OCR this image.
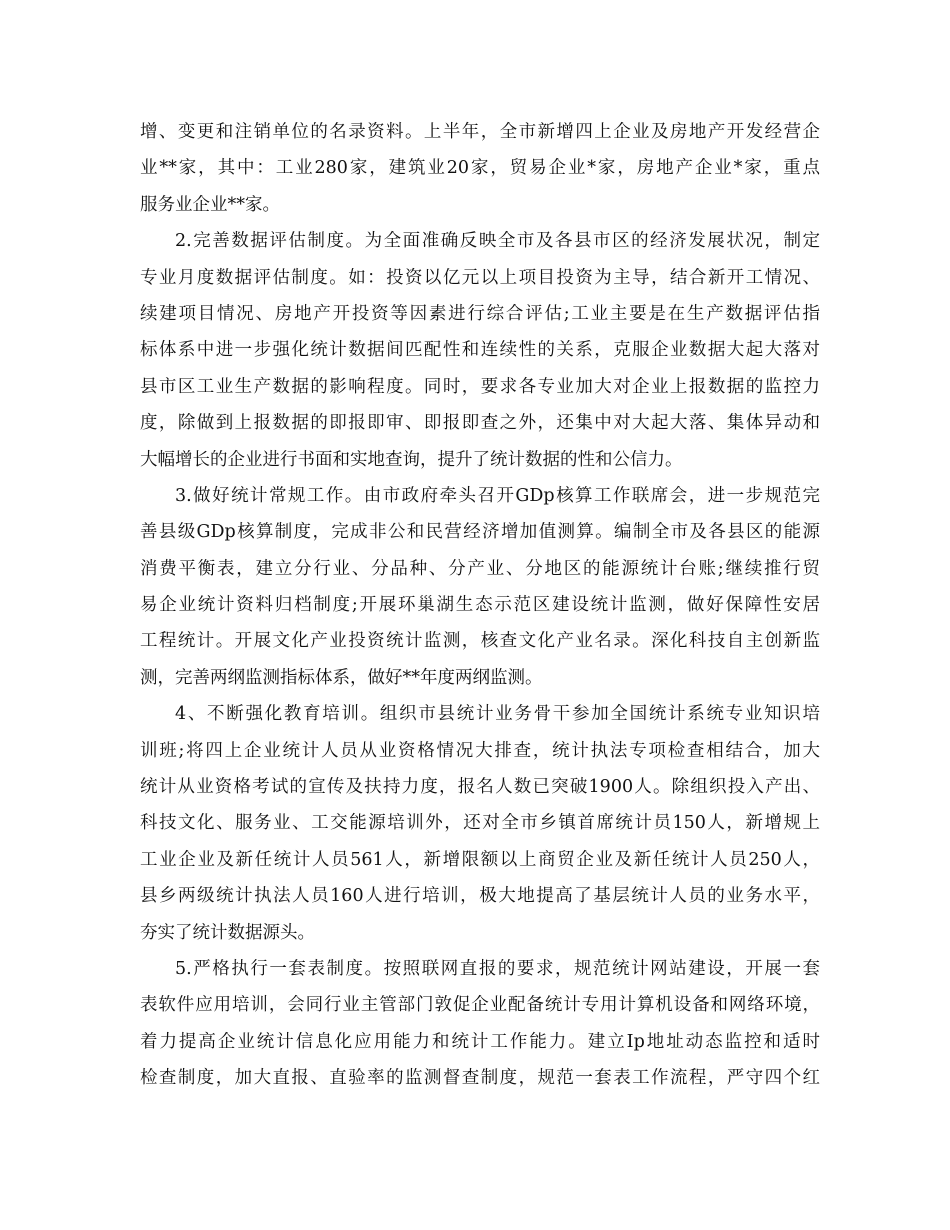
增、变更和注销单位的名录资料。上半年，全市新增四上企业及房地产开发经营企
业**家，其中：工业280家，建筑业20家，贸易企业*家，房地产企业*家，重点
服务业企业**家。
2.完善数据评估制度。为全面准确反映全市及各县市区的经济发展状况，制定
专业月度数据评估制度。如：投资以亿元以上项目投资为主导，结合新开工情况、
续建项目情况、房地产开投资等因素进行综合评估;工业主要是在生产数据评估指
标体系中进一步强化统计数据间匹配性和连续性的关系，克服企业数据大起大落对
县市区工业生产数据的影响程度。同时，要求各专业加大对企业上报数据的监控力
度，除做到上报数据的即报即审、即报即查之外，还集中对大起大落、集体异动和
大幅增长的企业进行书面和实地查询，提升了统计数据的性和公信力。
3.做好统计常规工作。由市政府牵头召开GDp核算工作联席会，进一步规范完
善县级GDp核算制度，完成非公和民营经济增加值测算。编制全市及各县区的能源
消费平衡表，建立分行业、分品种、分产业、分地区的能源统计台账;继续推行贸
易企业统计资料归档制度;开展环巢湖生态示范区建设统计监测，做好保障性安居
工程统计。开展文化产业投资统计监测，核查文化产业名录。深化科技自主创新监
测，完善两纲监测指标体系，做好**年度两纲监测。
4、不断强化教育培训。组织市县统计业务骨干参加全国统计系统专业知识培
训班;将四上企业统计人员从业资格情况大排查，统计执法专项检查相结合，加大
统计从业资格考试的宣传及扶持力度，报名人数已突破1900人。除组织投入产出、
科技文化、服务业、工交能源培训外，还对全市乡镇首席统计员150人，新增规上
工业企业及新任统计人员561人，新增限额以上商贸企业及新任统计人员250人，
县乡两级统计执法人员160人进行培训，极大地提高了基层统计人员的业务水平，
夯实了统计数据源头。
5.严格执行一套表制度。按照联网直报的要求，规范统计网站建设，开展一套
表软件应用培训，会同行业主管部门敦促企业配备统计专用计算机设备和网络环境，
着力提高企业统计信息化应用能力和统计工作能力。建立Ip地址动态监控和适时
检查制度，加大直报、直验率的监测督查制度，规范一套表工作流程，严守四个红
